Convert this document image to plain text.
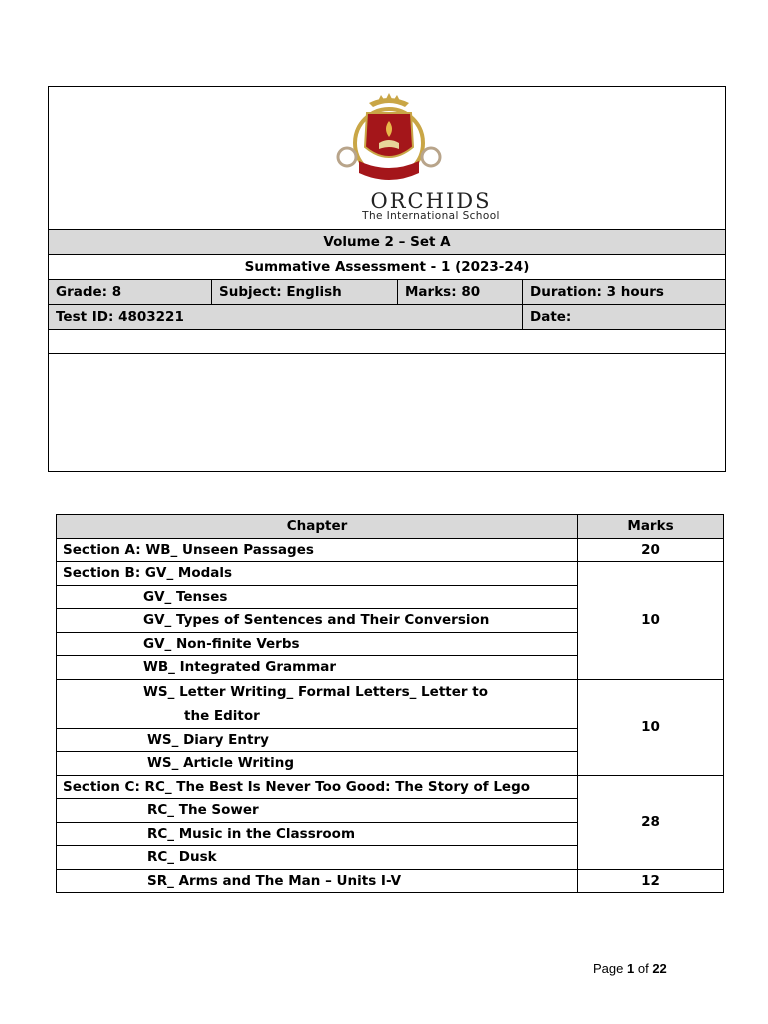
ORCHIDS
The International School
Volume 2 – Set A
Summative Assessment - 1 (2023-24)
Grade: 8	Subject: English	Marks: 80	Duration: 3 hours
Test ID: 4803221	Date:
Chapter	Marks
Section A: WB_ Unseen Passages	20
Section B: GV_ Modals	10
GV_ Tenses	
GV_ Types of Sentences and Their Conversion	
GV_ Non-finite Verbs	
WB_ Integrated Grammar	

WS_ Letter Writing_ Formal Letters_ Letter to
the Editor	10
WS_ Diary Entry	
WS_ Article Writing	
Section C: RC_ The Best Is Never Too Good: The Story of Lego	28
RC_ The Sower	
RC_ Music in the Classroom	
RC_ Dusk	
SR_ Arms and The Man – Units I-V	12
Page 1 of 22
